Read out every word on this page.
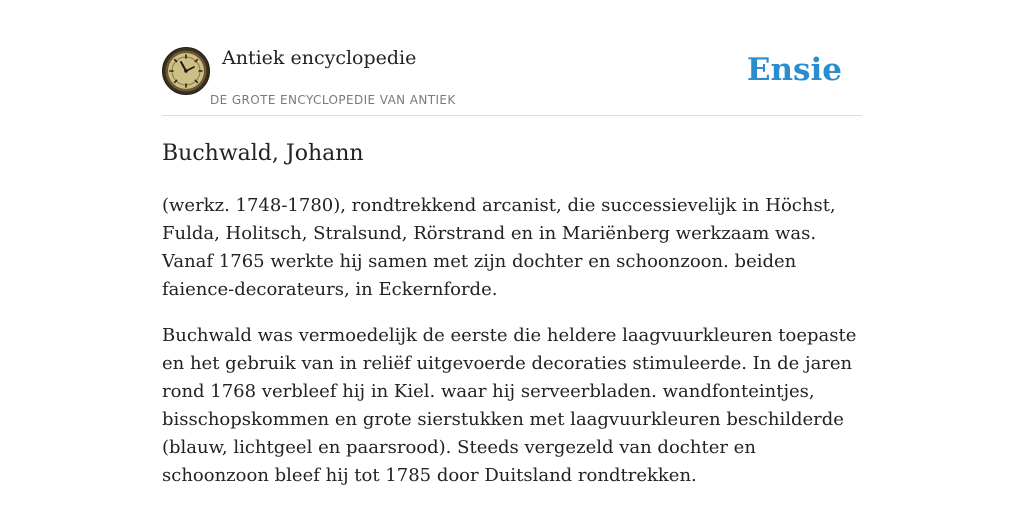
Antiek encyclopedie
DE GROTE ENCYCLOPEDIE VAN ANTIEK
Ensie
Buchwald, Johann

(werkz. 1748-1780), rondtrekkend arcanist, die successievelijk in Höchst, Fulda, Holitsch, Stralsund, Rörstrand en in Mariënberg werkzaam was. Vanaf 1765 werkte hij samen met zijn dochter en schoonzoon. beiden faience-decorateurs, in Eckernforde.

Buchwald was vermoedelijk de eerste die heldere laagvuurkleuren toepaste en het gebruik van in reliëf uitgevoerde decoraties stimuleerde. In de jaren rond 1768 verbleef hij in Kiel. waar hij serveerbladen. wandfonteintjes, bisschopskommen en grote sierstukken met laagvuurkleuren beschilderde (blauw, lichtgeel en paarsrood). Steeds vergezeld van dochter en schoonzoon bleef hij tot 1785 door Duitsland rondtrekken.
